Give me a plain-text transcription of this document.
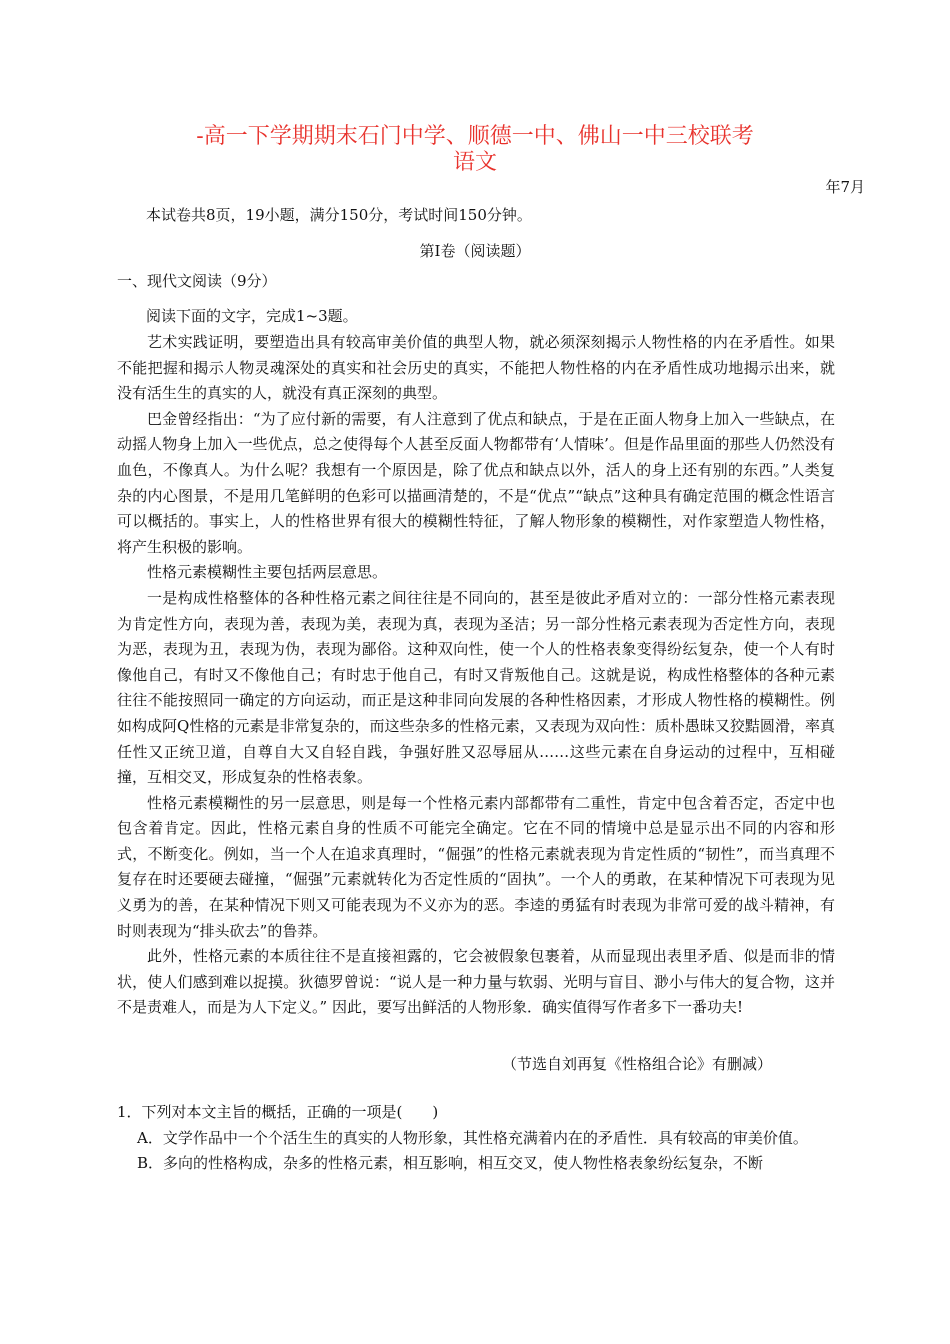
-高一下学期期末石门中学、顺德一中、佛山一中三校联考
语文
年7月
本试卷共8页，19小题，满分150分，考试时间150分钟。
第Ⅰ卷（阅读题）
一、现代文阅读（9分）
阅读下面的文字，完成1~3题。

艺术实践证明，要塑造出具有较高审美价值的典型人物，就必须深刻揭示人物性格的内在矛盾性。如果不能把握和揭示人物灵魂深处的真实和社会历史的真实，不能把人物性格的内在矛盾性成功地揭示出来，就没有活生生的真实的人，就没有真正深刻的典型。

巴金曾经指出：“为了应付新的需要，有人注意到了优点和缺点，于是在正面人物身上加入一些缺点，在动摇人物身上加入一些优点，总之使得每个人甚至反面人物都带有‘人情味’。但是作品里面的那些人仍然没有血色，不像真人。为什么呢？我想有一个原因是，除了优点和缺点以外，活人的身上还有别的东西。”人类复杂的内心图景，不是用几笔鲜明的色彩可以描画清楚的，不是“优点”“缺点”这种具有确定范围的概念性语言可以概括的。事实上，人的性格世界有很大的模糊性特征，了解人物形象的模糊性，对作家塑造人物性格，将产生积极的影响。

性格元素模糊性主要包括两层意思。

一是构成性格整体的各种性格元素之间往往是不同向的，甚至是彼此矛盾对立的：一部分性格元素表现为肯定性方向，表现为善，表现为美，表现为真，表现为圣洁；另一部分性格元素表现为否定性方向，表现为恶，表现为丑，表现为伪，表现为鄙俗。这种双向性，使一个人的性格表象变得纷纭复杂，使一个人有时像他自己，有时又不像他自己；有时忠于他自己，有时又背叛他自己。这就是说，构成性格整体的各种元素往往不能按照同一确定的方向运动，而正是这种非同向发展的各种性格因素，才形成人物性格的模糊性。例如构成阿Q性格的元素是非常复杂的，而这些杂多的性格元素，又表现为双向性：质朴愚昧又狡黠圆滑，率真任性又正统卫道，自尊自大又自轻自践，争强好胜又忍辱屈从……这些元素在自身运动的过程中，互相碰撞，互相交叉，形成复杂的性格表象。

性格元素模糊性的另一层意思，则是每一个性格元素内部都带有二重性，肯定中包含着否定，否定中也包含着肯定。因此，性格元素自身的性质不可能完全确定。它在不同的情境中总是显示出不同的内容和形式，不断变化。例如，当一个人在追求真理时，“倔强”的性格元素就表现为肯定性质的“韧性”，而当真理不复存在时还要硬去碰撞，“倔强”元素就转化为否定性质的“固执”。一个人的勇敢，在某种情况下可表现为见义勇为的善，在某种情况下则又可能表现为不义亦为的恶。李逵的勇猛有时表现为非常可爱的战斗精神，有时则表现为“排头砍去”的鲁莽。

此外，性格元素的本质往往不是直接袒露的，它会被假象包裹着，从而显现出表里矛盾、似是而非的情状，使人们感到难以捉摸。狄德罗曾说：“说人是一种力量与软弱、光明与盲目、渺小与伟大的复合物，这并不是责难人，而是为人下定义。” 因此，要写出鲜活的人物形象．确实值得写作者多下一番功夫!

（节选自刘再复《性格组合论》有删减）

1．下列对本文主旨的概括，正确的一项是(　　)

A．文学作品中一个个活生生的真实的人物形象，其性格充满着内在的矛盾性．具有较高的审美价值。

B．多向的性格构成，杂多的性格元素，相互影响，相互交叉，使人物性格表象纷纭复杂，不断
